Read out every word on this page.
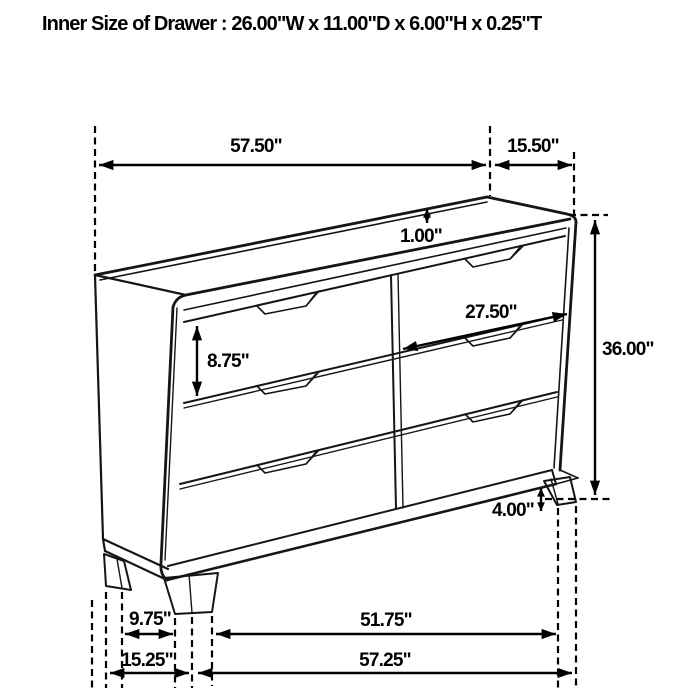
Inner Size of Drawer : 26.00"W x 11.00"D x 6.00"H x 0.25"T
57.50"	15.50"
1.00"
27.50"
8.75"
36.00"
4.00"
9.75"	51.75"
15.25"	57.25"
